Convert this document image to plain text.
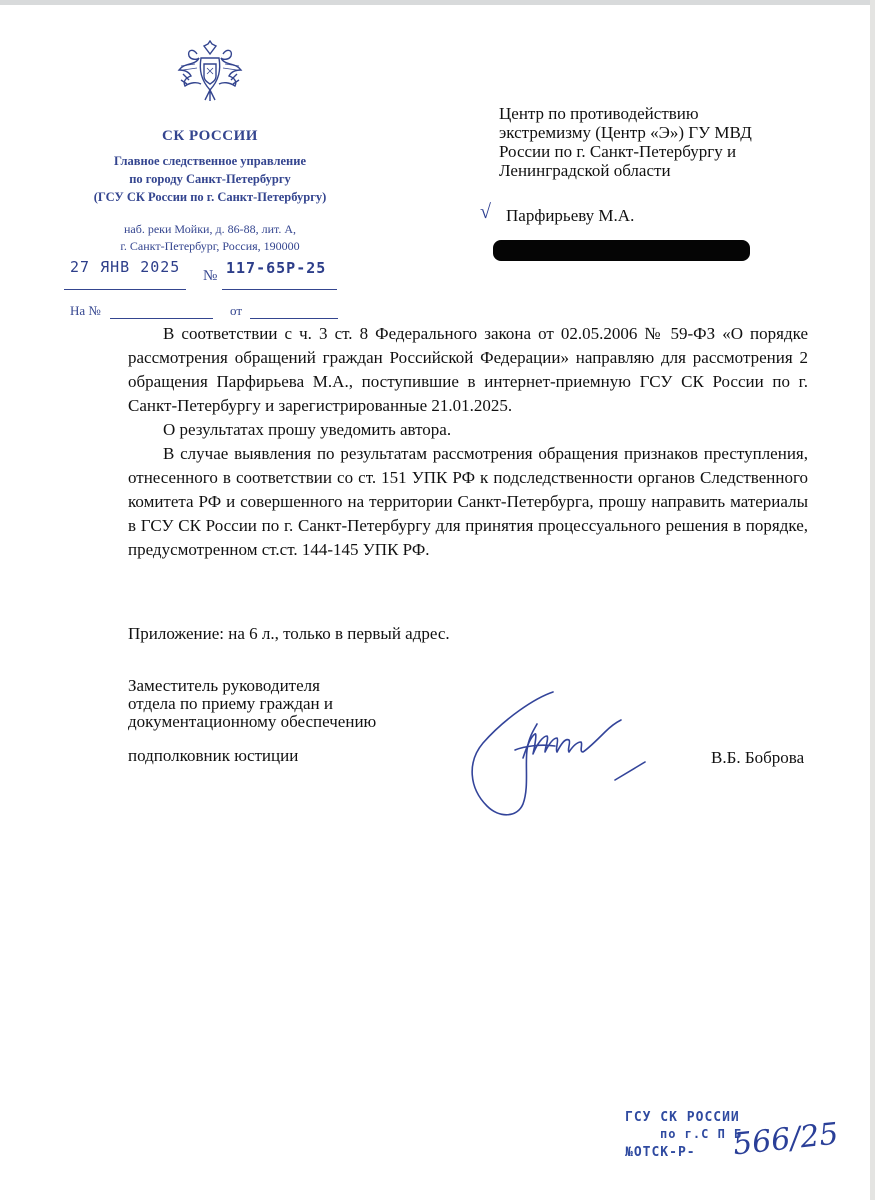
СК РОССИИ
Главное следственное управление
по городу Санкт-Петербургу
(ГСУ СК России по г. Санкт-Петербургу)
наб. реки Мойки, д. 86-88, лит. А,
г. Санкт-Петербург, Россия, 190000
27 ЯНВ 2025 № 117-65Р-25
На №	от
Центр по противодействию
экстремизму (Центр «Э») ГУ МВД
России по г. Санкт-Петербургу и
Ленинградской области
√ Парфирьеву М.А.

В соответствии с ч. 3 ст. 8 Федерального закона от 02.05.2006 № 59-ФЗ «О порядке рассмотрения обращений граждан Российской Федерации» направляю для рассмотрения 2 обращения Парфирьева М.А., поступившие в интернет-приемную ГСУ СК России по г. Санкт-Петербургу и зарегистрированные 21.01.2025.

О результатах прошу уведомить автора.

В случае выявления по результатам рассмотрения обращения признаков преступления, отнесенного в соответствии со ст. 151 УПК РФ к подследственности органов Следственного комитета РФ и совершенного на территории Санкт-Петербурга, прошу направить материалы в ГСУ СК России по г. Санкт-Петербургу для принятия процессуального решения в порядке, предусмотренном ст.ст. 144-145 УПК РФ.

Приложение: на 6 л., только в первый адрес.
Заместитель руководителя
отдела по приему граждан и
документационному обеспечению
подполковник юстиции	В.Б. Боброва
ГСУ СК РОССИИ
по г.С П Б
№ОТСК-Р- 566/25
